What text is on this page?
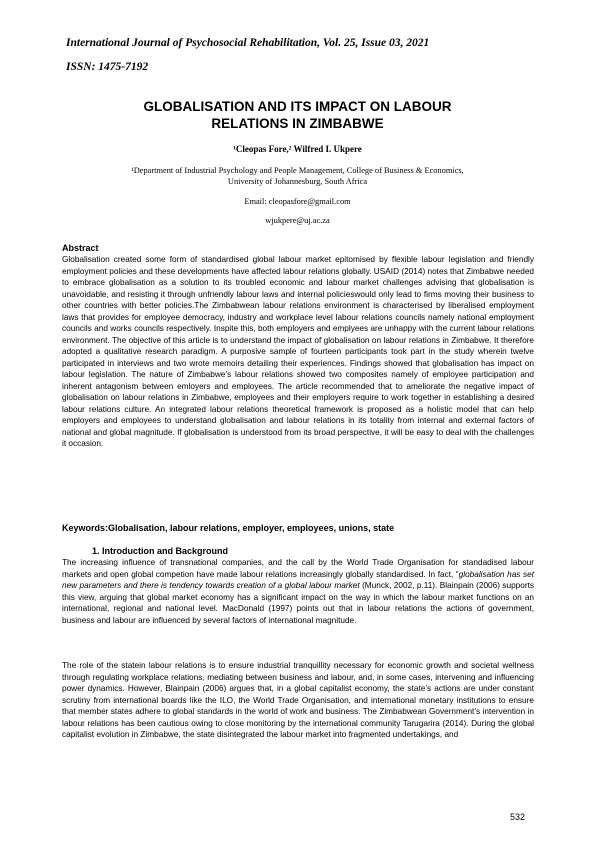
International Journal of Psychosocial Rehabilitation, Vol. 25, Issue 03, 2021
ISSN: 1475-7192
GLOBALISATION AND ITS IMPACT ON LABOUR
RELATIONS IN ZIMBABWE
¹Cleopas Fore,² Wilfred I. Ukpere
¹Department of Industrial Psychology and People Management, College of Business & Economics,
University of Johannesburg, South Africa
Email: cleopasfore@gmail.com
wjukpere@uj.ac.za
Abstract
Globalisation created some form of standardised global labour market epitomised by flexible labour legislation and friendly employment policies and these developments have affected labour relations globally. USAID (2014) notes that Zimbabwe needed to embrace globalisation as a solution to its troubled economic and labour market challenges advising that globalisation is unavoidable, and resisting it through unfriendly labour laws and internal policieswould only lead to firms moving their business to other countries with better policies.The Zimbabwean labour relations environment is characterised by liberalised employment laws that provides for employee democracy, industry and workplace level labour relations councils namely national employment councils and works councils respectively. Inspite this, both employers and emplyees are unhappy with the current labour relations environment. The objective of this article is to understand the impact of globalisation on labour relations in Zimbabwe. It therefore adopted a qualitative research paradigm. A purposive sample of fourteen participants took part in the study wherein twelve participated in interviews and two wrote memoirs detailing their experiences. Findings showed that globalisation has impact on labour legislation. The nature of Zimbabwe’s labour relations showed two composites namely of employee participation and inherent antagonism between emloyers and employees. The article recommended that to ameliorate the negative impact of globalisation on labour relations in Zimbabwe, employees and their employers require to work together in establishing a desired labour relations culture. An integrated labour relations theoretical framework is proposed as a holistic model that can help employers and employees to understand globalisation and labour relations in its totality from internal and external factors of national and global magnitude. If globalisation is understood from its broad perspective, it will be easy to deal with the challenges it occasion.
Keywords:Globalisation, labour relations, employer, employees, unions, state
1. Introduction and Background
The increasing influence of transnational companies, and the call by the World Trade Organisation for standadised labour markets and open global competion have made labour relations increasingly globally standardised. In fact, “globalisation has set new parameters and there is tendency towards creation of a global labour market (Munck, 2002, p.11). Blainpain (2006) supports this view, arguing that global market economy has a significant impact on the way in which the labour market functions on an international, regional and national level. MacDonald (1997) points out that in labour relations the actions of government, business and labour are influenced by several factors of international magnitude.
The role of the statein labour relations is to ensure industrial tranquillity necessary for economic growth and societal wellness through regulating workplace relations, mediating between business and labour, and, in some cases, intervening and influencing power dynamics. However, Blainpain (2006) argues that, in a global capitalist economy, the state’s actions are under constant scrutiny from international boards like the ILO, the World Trade Organisation, and international monetary institutions to ensure that member states adhere to global standards in the world of work and business. The Zimbabwean Government’s intervention in labour relations has been cautious owing to close monitoring by the international community Tarugarira (2014). During the global capitalist evolution in Zimbabwe, the state disintegrated the labour market into fragmented undertakings, and
532
